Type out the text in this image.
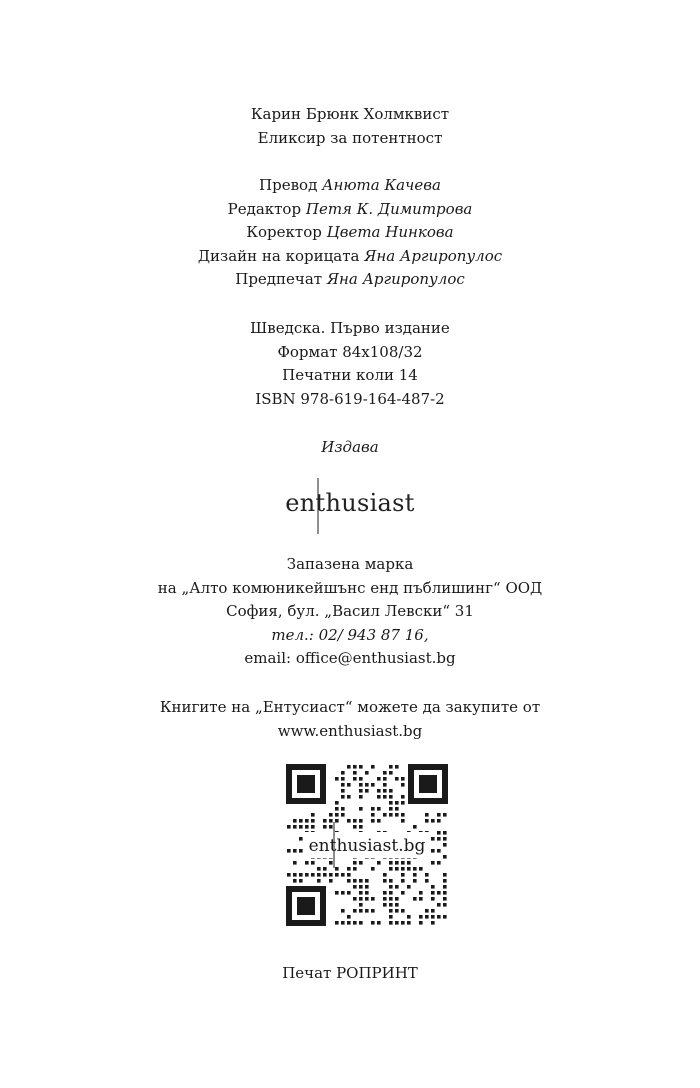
Карин Брюнк Холмквист
Еликсир за потентност
Превод Анюта Качева
Редактор Петя К. Димитрова
Коректор Цвета Нинкова
Дизайн на корицата Яна Аргиропулос
Предпечат Яна Аргиропулос
Шведска. Първо издание
Формат 84х108/32
Печатни коли 14
ISBN 978-619-164-487-2
Издава
enthusiast
Запазена марка
на „Алто комюникейшънс енд пъблишинг“ ООД
София, бул. „Васил Левски“ 31
тел.: 02/ 943 87 16,
email: office@enthusiast.bg
Книгите на „Ентусиаст“ можете да закупите от
www.enthusiast.bg
enthusiast.bg
Печат РОПРИНТ
